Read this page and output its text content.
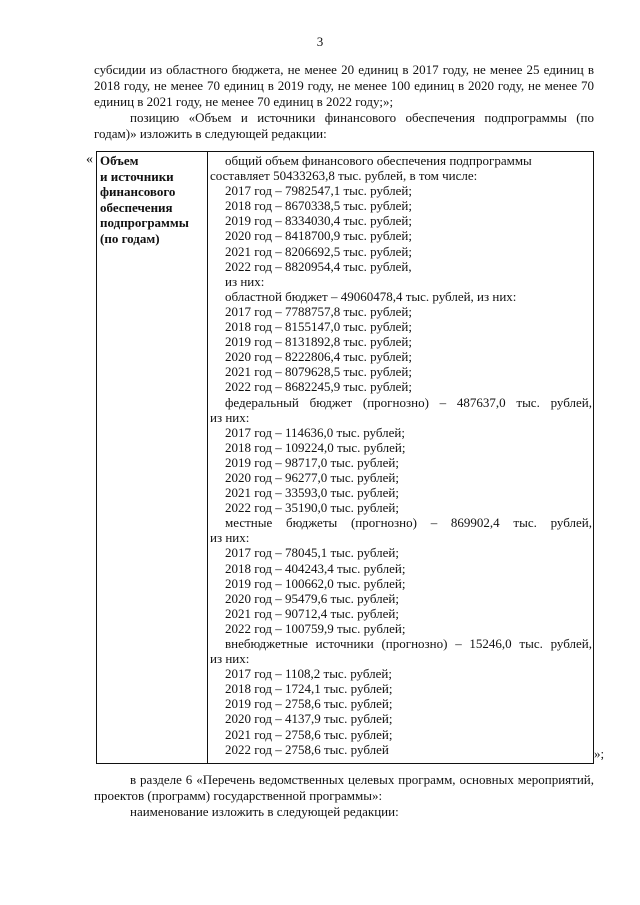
3

субсидии из областного бюджета, не менее 20 единиц в 2017 году, не менее 25 единиц в 2018 году, не менее 70 единиц в 2019 году, не менее 100 единиц в 2020 году, не менее 70 единиц в 2021 году, не менее 70 единиц в 2022 году;»;

позицию «Объем и источники финансового обеспечения подпрограммы (по годам)» изложить в следующей редакции:

« Объем
и источники
финансового
обеспечения
подпрограммы
(по годам)
общий объем финансового обеспечения подпрограммы
составляет 50433263,8 тыс. рублей, в том числе:
2017 год – 7982547,1 тыс. рублей;
2018 год – 8670338,5 тыс. рублей;
2019 год – 8334030,4 тыс. рублей;
2020 год – 8418700,9 тыс. рублей;
2021 год – 8206692,5 тыс. рублей;
2022 год – 8820954,4 тыс. рублей,
из них:
областной бюджет – 49060478,4 тыс. рублей, из них:
2017 год – 7788757,8 тыс. рублей;
2018 год – 8155147,0 тыс. рублей;
2019 год – 8131892,8 тыс. рублей;
2020 год – 8222806,4 тыс. рублей;
2021 год – 8079628,5 тыс. рублей;
2022 год – 8682245,9 тыс. рублей;
федеральный бюджет (прогнозно) – 487637,0 тыс. рублей,
из них:
2017 год – 114636,0 тыс. рублей;
2018 год – 109224,0 тыс. рублей;
2019 год – 98717,0 тыс. рублей;
2020 год – 96277,0 тыс. рублей;
2021 год – 33593,0 тыс. рублей;
2022 год – 35190,0 тыс. рублей;
местные бюджеты (прогнозно) – 869902,4 тыс. рублей,
из них:
2017 год – 78045,1 тыс. рублей;
2018 год – 404243,4 тыс. рублей;
2019 год – 100662,0 тыс. рублей;
2020 год – 95479,6 тыс. рублей;
2021 год – 90712,4 тыс. рублей;
2022 год – 100759,9 тыс. рублей;
внебюджетные источники (прогнозно) – 15246,0 тыс. рублей,
из них:
2017 год – 1108,2 тыс. рублей;
2018 год – 1724,1 тыс. рублей;
2019 год – 2758,6 тыс. рублей;
2020 год – 4137,9 тыс. рублей;
2021 год – 2758,6 тыс. рублей;
2022 год – 2758,6 тыс. рублей	»;

в разделе 6 «Перечень ведомственных целевых программ, основных мероприятий, проектов (программ) государственной программы»:

наименование изложить в следующей редакции:
